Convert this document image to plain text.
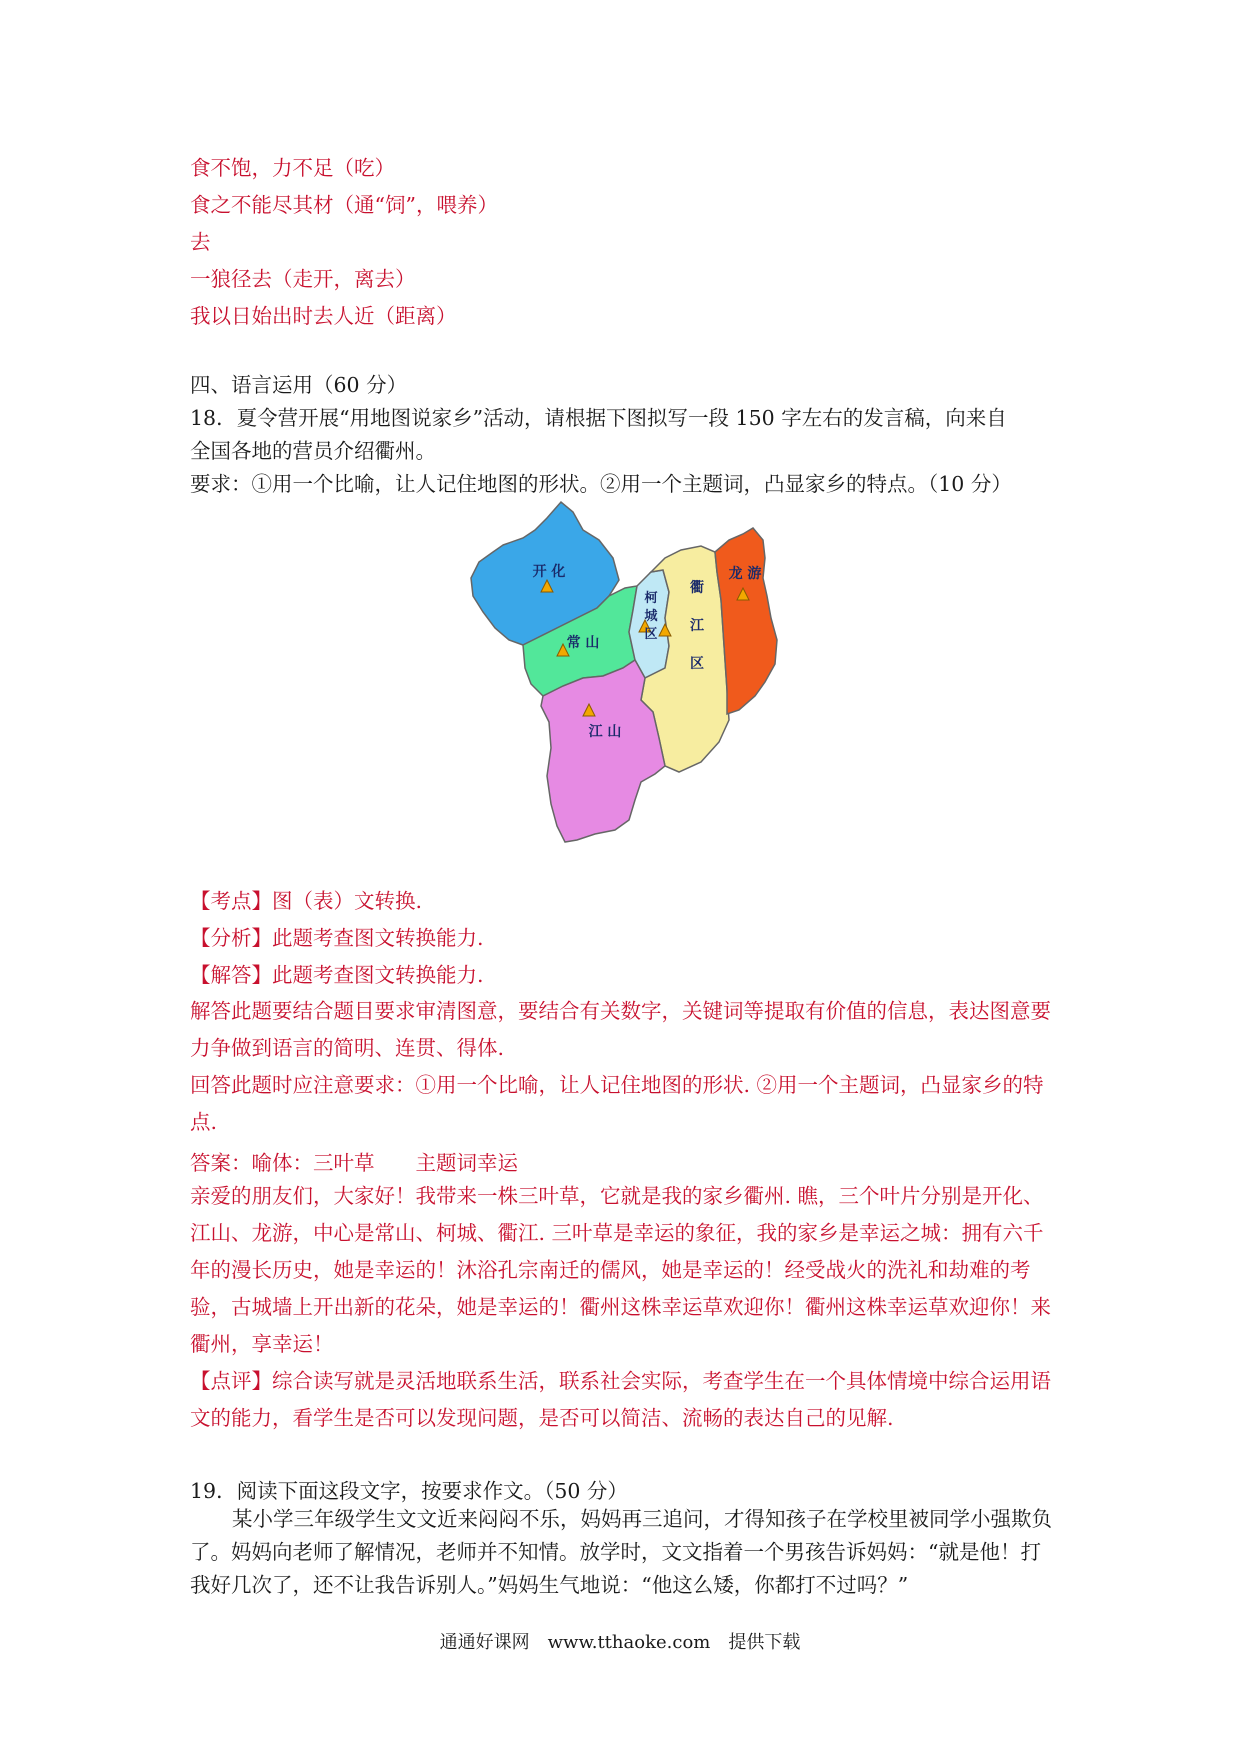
食不饱，力不足（吃）
食之不能尽其材（通“饲”，喂养）
去
一狼径去（走开，离去）
我以日始出时去人近（距离）
四、语言运用（60 分）
18．夏令营开展“用地图说家乡”活动，请根据下图拟写一段 150 字左右的发言稿，向来自
全国各地的营员介绍衢州。
要求：①用一个比喻，让人记住地图的形状。②用一个主题词，凸显家乡的特点。（10 分）
开 化
常 山
柯
城
区
衢
江
区
龙 游
江 山
【考点】图（表）文转换.
【分析】此题考查图文转换能力.
【解答】此题考查图文转换能力.
解答此题要结合题目要求审清图意，要结合有关数字，关键词等提取有价值的信息，表达图意要力争做到语言的简明、连贯、得体.
回答此题时应注意要求：①用一个比喻，让人记住地图的形状. ②用一个主题词，凸显家乡的特点.
答案：喻体：三叶草　　主题词幸运
亲爱的朋友们，大家好！我带来一株三叶草，它就是我的家乡衢州. 瞧，三个叶片分别是开化、江山、龙游，中心是常山、柯城、衢江. 三叶草是幸运的象征，我的家乡是幸运之城：拥有六千年的漫长历史，她是幸运的！沐浴孔宗南迁的儒风，她是幸运的！经受战火的洗礼和劫难的考验，古城墙上开出新的花朵，她是幸运的！衢州这株幸运草欢迎你！衢州这株幸运草欢迎你！来衢州，享幸运！
【点评】综合读写就是灵活地联系生活，联系社会实际，考查学生在一个具体情境中综合运用语文的能力，看学生是否可以发现问题，是否可以简洁、流畅的表达自己的见解.
19．阅读下面这段文字，按要求作文。（50 分）
某小学三年级学生文文近来闷闷不乐，妈妈再三追问，才得知孩子在学校里被同学小强欺负了。妈妈向老师了解情况，老师并不知情。放学时，文文指着一个男孩告诉妈妈：“就是他！打我好几次了，还不让我告诉别人。”妈妈生气地说：“他这么矮，你都打不过吗？”
通通好课网　www.tthaoke.com　提供下载
